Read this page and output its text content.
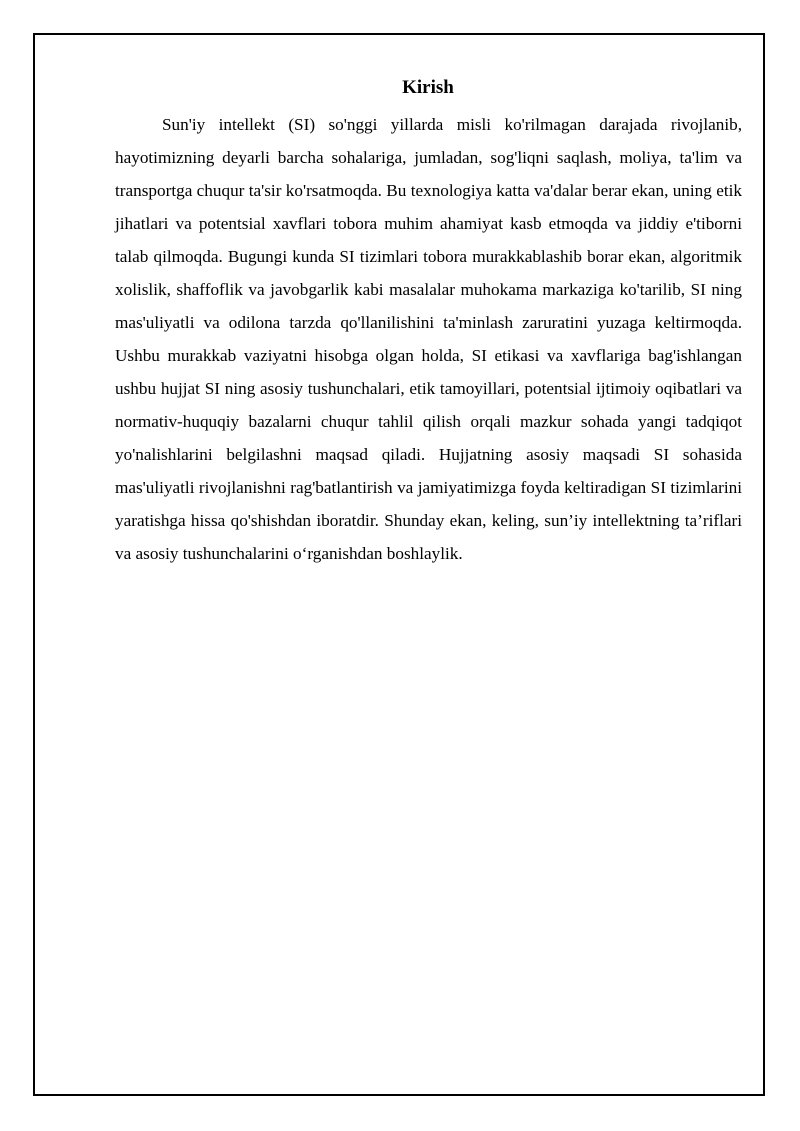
Kirish

Sun'iy intellekt (SI) so'nggi yillarda misli ko'rilmagan darajada rivojlanib, hayotimizning deyarli barcha sohalariga, jumladan, sog'liqni saqlash, moliya, ta'lim va transportga chuqur ta'sir ko'rsatmoqda. Bu texnologiya katta va'dalar berar ekan, uning etik jihatlari va potentsial xavflari tobora muhim ahamiyat kasb etmoqda va jiddiy e'tiborni talab qilmoqda. Bugungi kunda SI tizimlari tobora murakkablashib borar ekan, algoritmik xolislik, shaffoflik va javobgarlik kabi masalalar muhokama markaziga ko'tarilib, SI ning mas'uliyatli va odilona tarzda qo'llanilishini ta'minlash zaruratini yuzaga keltirmoqda. Ushbu murakkab vaziyatni hisobga olgan holda, SI etikasi va xavflariga bag'ishlangan ushbu hujjat SI ning asosiy tushunchalari, etik tamoyillari, potentsial ijtimoiy oqibatlari va normativ-huquqiy bazalarni chuqur tahlil qilish orqali mazkur sohada yangi tadqiqot yo'nalishlarini belgilashni maqsad qiladi. Hujjatning asosiy maqsadi SI sohasida mas'uliyatli rivojlanishni rag'batlantirish va jamiyatimizga foyda keltiradigan SI tizimlarini yaratishga hissa qo'shishdan iboratdir. Shunday ekan, keling, sun’iy intellektning ta’riflari va asosiy tushunchalarini o‘rganishdan boshlaylik.
